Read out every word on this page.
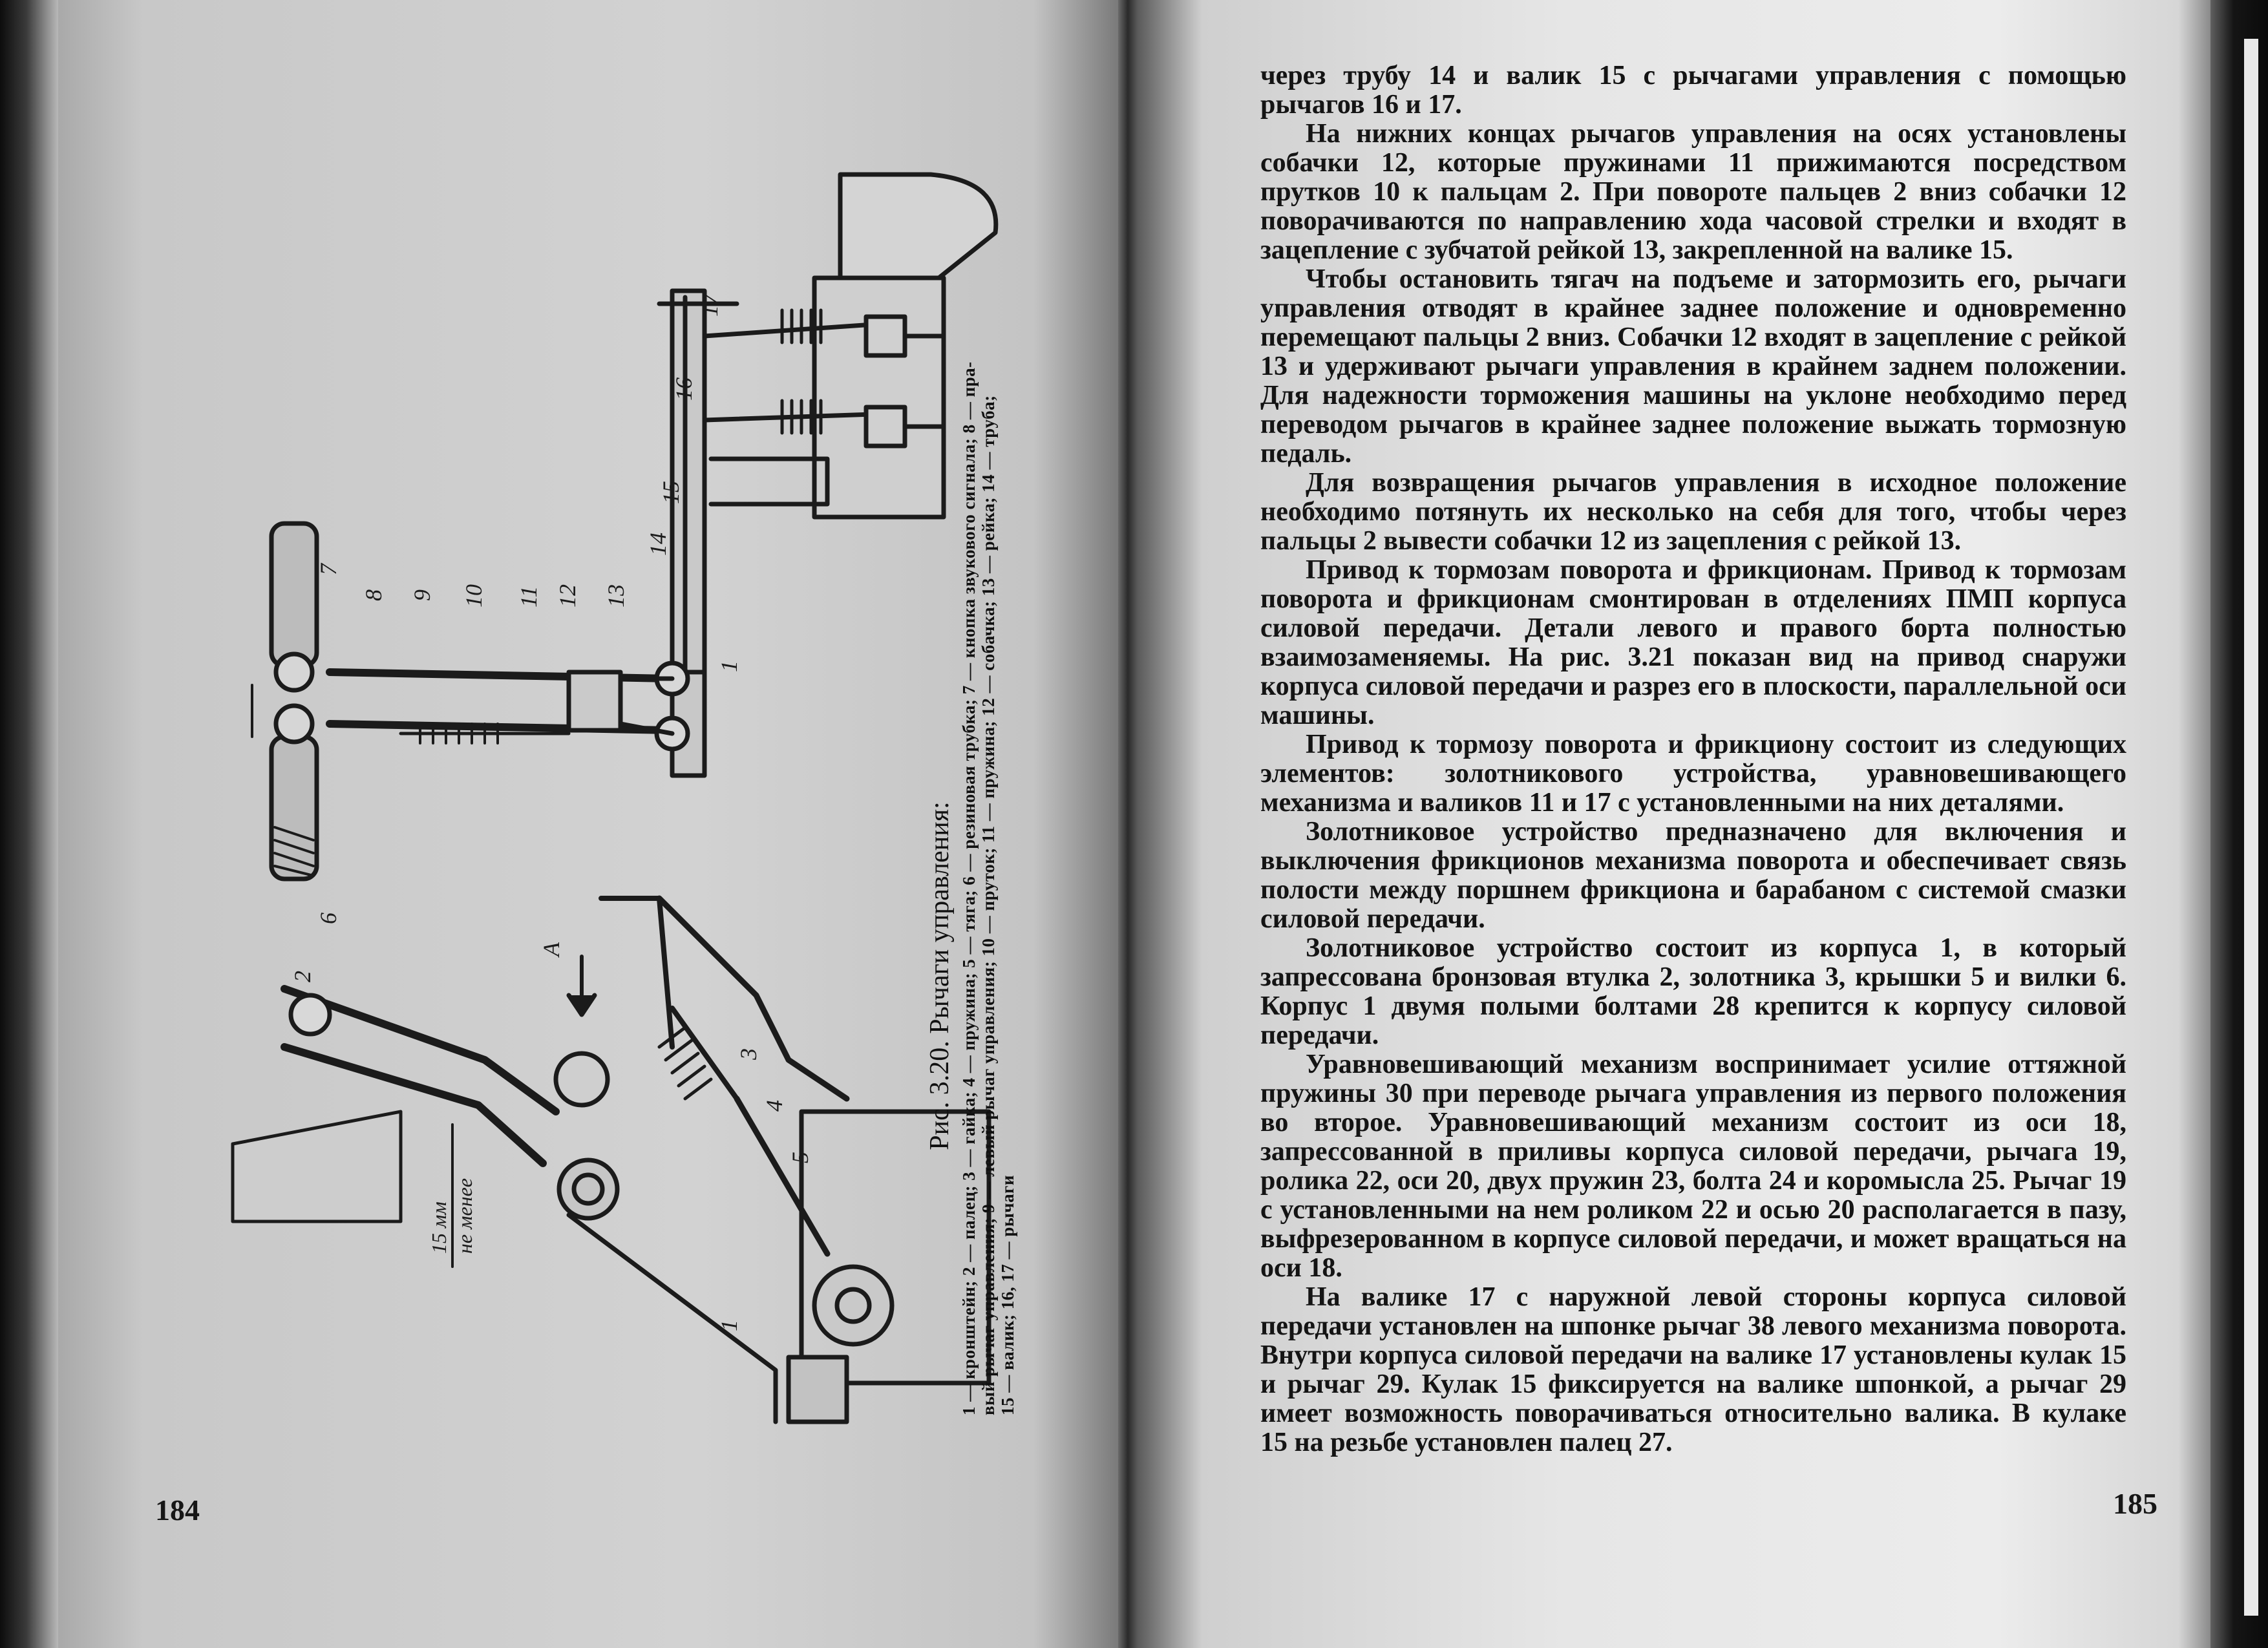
1
2
3
4
5
6
7
8 9 10 11 12 13
14
15
16
17
1
A
15 мм не менее
Рис. 3.20. Рычаги управления: 1 — кронштейн; 2 — палец; 3 — гайка; 4 — пружина; 5 — тяга; 6 — резиновая трубка; 7 — кнопка звукового сигнала; 8 — пра- вый рычаг управления; 9 — левый рычаг управления; 10 — пруток; 11 — пружина; 12 — собачка; 13 — рейка; 14 — труба; 15 — валик; 16, 17 — рычаги
184

через трубу 14 и валик 15 с рычагами управления с помощью рычагов 16 и 17.

На нижних концах рычагов управления на осях установлены собачки 12, которые пружинами 11 прижимаются посредством прутков 10 к пальцам 2. При повороте пальцев 2 вниз собачки 12 поворачиваются по направлению хода часовой стрелки и входят в зацепление с зубчатой рейкой 13, закрепленной на валике 15.

Чтобы остановить тягач на подъеме и затормозить его, рычаги управления отводят в крайнее заднее положение и одновременно перемещают пальцы 2 вниз. Собачки 12 входят в зацепление с рейкой 13 и удерживают рычаги управления в крайнем заднем положении. Для надежности торможения машины на уклоне необходимо перед переводом рычагов в крайнее заднее положение выжать тормозную педаль.

Для возвращения рычагов управления в исходное положение необходимо потянуть их несколько на себя для того, чтобы через пальцы 2 вывести собачки 12 из зацепления с рейкой 13.

Привод к тормозам поворота и фрикционам. Привод к тормозам поворота и фрикционам смонтирован в отделениях ПМП корпуса силовой передачи. Детали левого и правого борта полностью взаимозаменяемы. На рис. 3.21 показан вид на привод снаружи корпуса силовой передачи и разрез его в плоскости, параллельной оси машины.

Привод к тормозу поворота и фрикциону состоит из следующих элементов: золотникового устройства, уравновешивающего механизма и валиков 11 и 17 с установленными на них деталями.

Золотниковое устройство предназначено для включения и выключения фрикционов механизма поворота и обеспечивает связь полости между поршнем фрикциона и барабаном с системой смазки силовой передачи.

Золотниковое устройство состоит из корпуса 1, в который запрессована бронзовая втулка 2, золотника 3, крышки 5 и вилки 6. Корпус 1 двумя полыми болтами 28 крепится к корпусу силовой передачи.

Уравновешивающий механизм воспринимает усилие оттяжной пружины 30 при переводе рычага управления из первого положения во второе. Уравновешивающий механизм состоит из оси 18, запрессованной в приливы корпуса силовой передачи, рычага 19, ролика 22, оси 20, двух пружин 23, болта 24 и коромысла 25. Рычаг 19 с установленными на нем роликом 22 и осью 20 располагается в пазу, выфрезерованном в корпусе силовой передачи, и может вращаться на оси 18.

На валике 17 с наружной левой стороны корпуса силовой передачи установлен на шпонке рычаг 38 левого механизма поворота. Внутри корпуса силовой передачи на валике 17 установлены кулак 15 и рычаг 29. Кулак 15 фиксируется на валике шпонкой, а рычаг 29 имеет возможность поворачиваться относительно валика. В кулаке 15 на резьбе установлен палец 27.

185
